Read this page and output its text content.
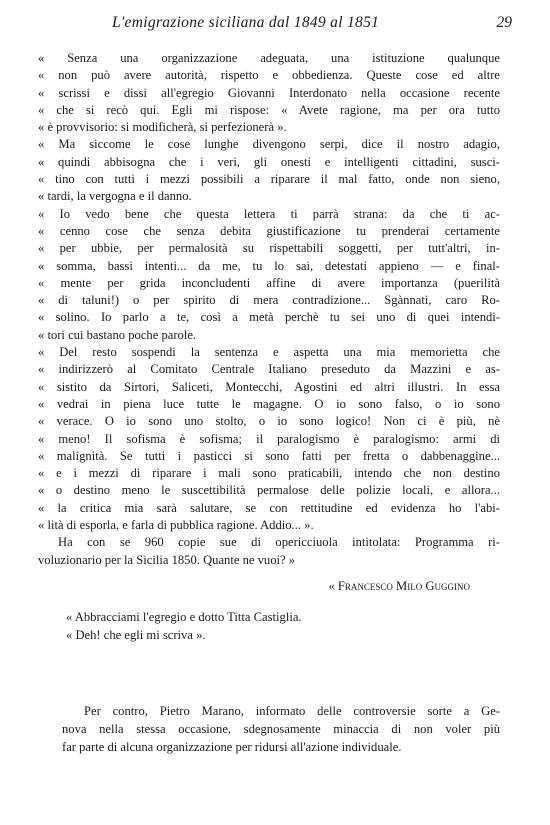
L'emigrazione siciliana dal 1849 al 1851	29
« Senza una organizzazione adeguata, una istituzione qualunque
« non può avere autorità, rispetto e obbedienza. Queste cose ed altre
« scrissi e dissi all'egregio Giovanni Interdonato nella occasione recente
« che si recò qui. Egli mi rispose: « Avete ragione, ma per ora tutto
« è provvisorio: si modificherà, si perfezionerà ».
« Ma siccome le cose lunghe divengono serpi, dice il nostro adagio,
« quindi abbisogna che i veri, gli onesti e intelligenti cittadini, susci-
« tino con tutti i mezzi possibili a riparare il mal fatto, onde non sieno,
« tardi, la vergogna e il danno.
« Io vedo bene che questa lettera ti parrà strana: da che ti ac-
« cenno cose che senza debita giustificazione tu prenderai certamente
« per ubbie, per permalosità su rispettabili soggetti, per tutt'altri, in-
« somma, bassi intenti... da me, tu lo sai, detestati appieno — e final-
« mente per grida inconcludenti affine di avere importanza (puerilità
« di taluni!) o per spirito di mera contradizione... Sgànnati, caro Ro-
« solino. Io parlo a te, così a metà perchè tu sei uno di quei intendi-
« tori cui bastano poche parole.
« Del resto sospendi la sentenza e aspetta una mia memorietta che
« indirizzerò al Comitato Centrale Italiano preseduto da Mazzini e as-
« sistito da Sirtori, Saliceti, Montecchi, Agostini ed altri illustri. In essa
« vedrai in piena luce tutte le magagne. O io sono falso, o io sono
« verace. O io sono uno stolto, o io sono logico! Non ci è più, nè
« meno! Il sofisma è sofisma; il paralogismo è paralogismo: armi di
« malignità. Se tutti i pasticci si sono fatti per fretta o dabbenaggine...
« e i mezzi di riparare i mali sono praticabili, intendo che non destino
« o destino meno le suscettibilità permalose delle polizie locali, e allora...
« la critica mia sarà salutare, se con rettitudine ed evidenza ho l'abi-
« lità di esporla, e farla di pubblica ragione. Addio... ».
Ha con se 960 copie sue di opericciuola intitolata: Programma ri-
voluzionario per la Sicilia 1850. Quante ne vuoi? »
« Francesco Milo Guggino
« Abbracciami l'egregio e dotto Titta Castiglia.
« Deh! che egli mi scriva ».
Per contro, Pietro Marano, informato delle controversie sorte a Ge-
nova nella stessa occasione, sdegnosamente minaccia di non voler più
far parte di alcuna organizzazione per ridursi all'azione individuale.
